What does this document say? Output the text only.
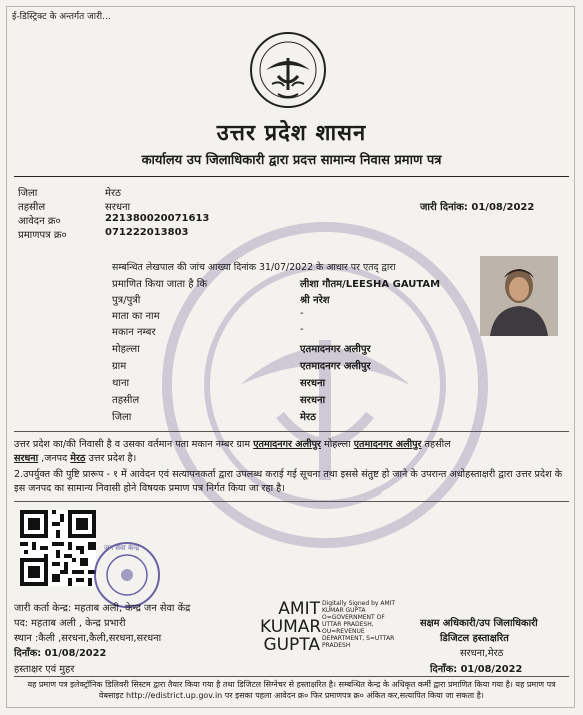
ई-डिस्ट्रिक्ट के अन्तर्गत जारी...
उत्तर प्रदेश शासन
कार्यालय उप जिलाधिकारी द्वारा प्रदत्त सामान्य निवास प्रमाण पत्र
जिला	मेरठ
तहसील	सरधना
आवेदन क्र०	221380020071613
प्रमाणपत्र क्र०	071222013803
जारी दिनांक: 01/08/2022
सम्बन्धित लेखपाल की जांच आख्या दिनांक 31/07/2022 के आधार पर एतद् द्वारा
प्रमाणित किया जाता है कि	लीशा गौतम/LEESHA GAUTAM
पुत्र/पुत्री	श्री नरेश
माता का नाम	-
मकान नम्बर	-
मोहल्ला	एतमादनगर अलीपुर
ग्राम	एतमादनगर अलीपुर
थाना	सरधना
तहसील	सरधना
जिला	मेरठ
उत्तर प्रदेश का/की निवासी है व उसका वर्तमान पता मकान नम्बर ग्राम एतमादनगर अलीपुर मोहल्ला एतमादनगर अलीपुर तहसील
सरधना ,जनपद मेरठ उत्तर प्रदेश है।
2.उपर्युक्त की पुष्टि प्रारूप - १ में आवेदन एवं सत्यापनकर्ता द्वारा उपलब्ध कराई गई सूचना तथा इससे संतुष्ट हो जाने के उपरान्त अधोहस्ताक्षरी द्वारा उत्तर प्रदेश के इस जनपद का सामान्य निवासी होने विषयक प्रमाण पत्र निर्गत किया जा रहा है।
जन सेवा केन्द्र
जारी कर्ता केन्द्र: महताब अली, केन्द्र जन सेवा केंद्र
पद: महताब अली , केन्द्र प्रभारी
स्थान :कैली ,सरधना,कैली,सरधना,सरधना
दिनाँक: 01/08/2022
हस्ताक्षर एवं मुहर
AMIT
KUMAR
GUPTA
Digitally Signed by AMIT
KUMAR GUPTA
O=GOVERNMENT OF
UTTAR PRADESH,
OU=REVENUE
DEPARTMENT, S=UTTAR
PRADESH
सक्षम अधिकारी/उप जिलाधिकारी
डिजिटल हस्ताक्षरित
सरधना,मेरठ
दिनाँक: 01/08/2022
यह प्रमाण पत्र इलेक्ट्रॉनिक डिलिवरी सिस्टम द्वारा तैयार किया गया है तथा डिजिटल सिग्नेचर से हस्ताक्षरित है। सम्बन्धित केन्द्र के अधिकृत कर्मी द्वारा प्रमाणित किया गया है। यह प्रमाण पत्र वेबसाइट http://edistrict.up.gov.in पर इसका पहला आवेदन क्र० फिर प्रमाणपत्र क्र० अंकित कर,सत्यापित किया जा सकता है।
